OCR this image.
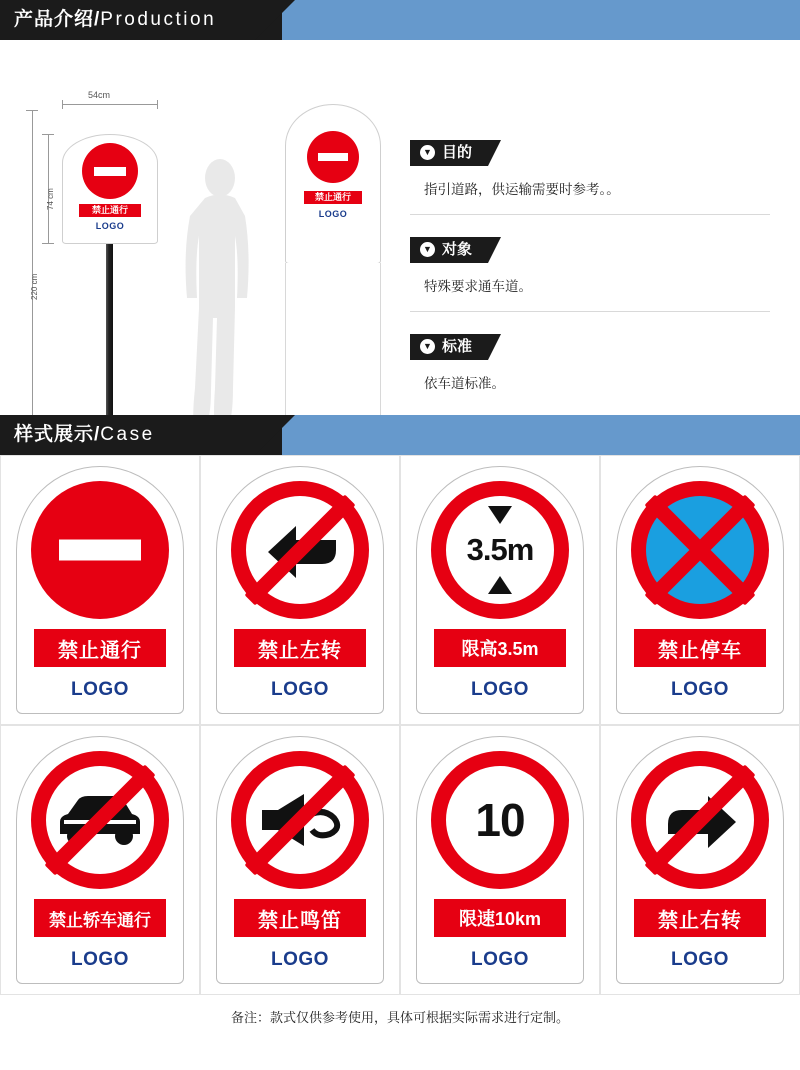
产品介绍/Production
220 cm
74 cm
54cm
禁止通行
LOGO
禁止通行
LOGO
▼ 目的
指引道路，供运输需要时参考。。
▼ 对象
特殊要求通车道。
▼ 标准
依车道标准。
样式展示/Case
禁止通行
LOGO
禁止左转
LOGO
3.5m
限高3.5m
LOGO
禁止停车
LOGO
禁止轿车通行
LOGO
禁止鸣笛
LOGO
10
限速10km
LOGO
禁止右转
LOGO
备注：款式仅供参考使用，具体可根据实际需求进行定制。
